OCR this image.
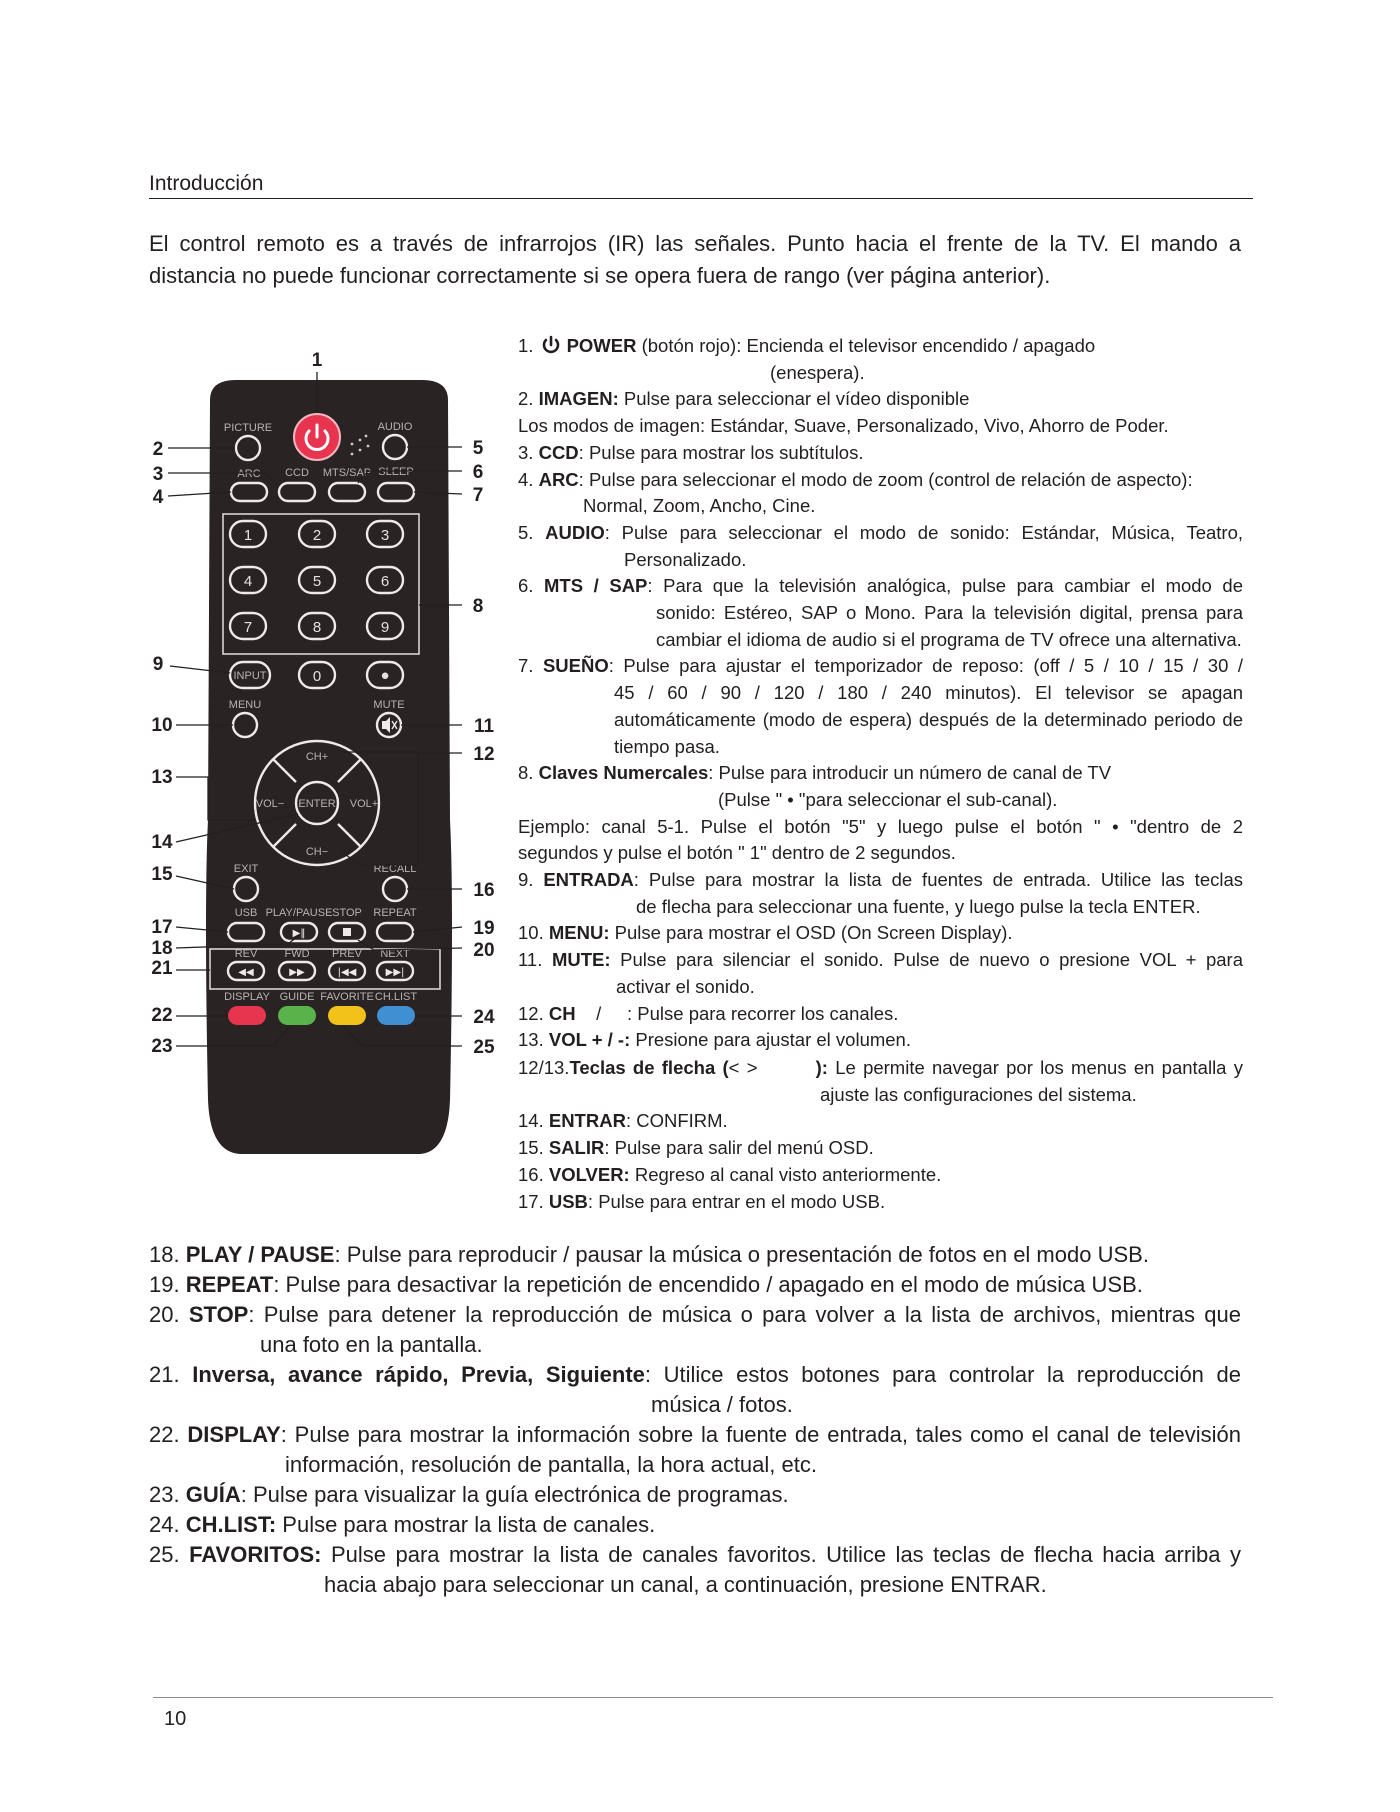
Introducción
El control remoto es a través de infrarrojos (IR) las señales. Punto hacia el frente de la TV. El mando a
distancia no puede funcionar correctamente si se opera fuera de rango (ver página anterior).
1
PICTURE	AUDIO
ARC CCD MTS/SAP SLEEP
1	2	3
4	5	6
7	8	9
0	●
INPUT
MENU	MUTE
ENTER
CH+
CH−
VOL−	VOL+
EXIT	RECALL
USB PLAY/PAUSE STOP REPEAT
▶‖
REV FWD PREV NEXT
◀◀	▶▶	|◀◀	▶▶|
DISPLAY GUIDE FAVORITE CH.LIST
2
3
4
9
10
13
14
15
17
18
21
22
23
5
6
7
8
11
12
16
19
20
24
25
1. POWER (botón rojo): Encienda el televisor encendido / apagado
(enespera).
2. IMAGEN: Pulse para seleccionar el vídeo disponible
Los modos de imagen: Estándar, Suave, Personalizado, Vivo, Ahorro de Poder.
3. CCD: Pulse para mostrar los subtítulos.
4. ARC: Pulse para seleccionar el modo de zoom (control de relación de aspecto):
Normal, Zoom, Ancho, Cine.
5. AUDIO: Pulse para seleccionar el modo de sonido: Estándar, Música, Teatro,
Personalizado.
6. MTS / SAP: Para que la televisión analógica, pulse para cambiar el modo de
sonido: Estéreo, SAP o Mono. Para la televisión digital, prensa para cambiar el idioma de audio si el programa de TV ofrece una alternativa.
7. SUEÑO: Pulse para ajustar el temporizador de reposo: (off / 5 / 10 / 15 / 30 /
45 / 60 / 90 / 120 / 180 / 240 minutos). El televisor se apagan automáticamente (modo de espera) después de la determinado periodo de tiempo pasa.
8. Claves Numercales: Pulse para introducir un número de canal de TV
(Pulse " • "para seleccionar el sub-canal).
Ejemplo: canal 5-1. Pulse el botón "5" y luego pulse el botón " • "dentro de 2
segundos y pulse el botón " 1" dentro de 2 segundos.
9. ENTRADA: Pulse para mostrar la lista de fuentes de entrada. Utilice las teclas
de flecha para seleccionar una fuente, y luego pulse la tecla ENTER.
10. MENU: Pulse para mostrar el OSD (On Screen Display).
11. MUTE: Pulse para silenciar el sonido. Pulse de nuevo o presione VOL + para
activar el sonido.
12. CH    /     : Pulse para recorrer los canales.
13. VOL + / -: Presione para ajustar el volumen.
12/13.Teclas de flecha (< >        ): Le permite navegar por los menus en pantalla y
ajuste las configuraciones del sistema.
14. ENTRAR: CONFIRM.
15. SALIR: Pulse para salir del menú OSD.
16. VOLVER: Regreso al canal visto anteriormente.
17. USB: Pulse para entrar en el modo USB.
18. PLAY / PAUSE: Pulse para reproducir / pausar la música o presentación de fotos en el modo USB.
19. REPEAT: Pulse para desactivar la repetición de encendido / apagado en el modo de música USB.
20. STOP: Pulse para detener la reproducción de música o para volver a la lista de archivos, mientras que
una foto en la pantalla.
21. Inversa, avance rápido, Previa, Siguiente: Utilice estos botones para controlar la reproducción de
música / fotos.
22. DISPLAY: Pulse para mostrar la información sobre la fuente de entrada, tales como el canal de televisión
información, resolución de pantalla, la hora actual, etc.
23. GUÍA: Pulse para visualizar la guía electrónica de programas.
24. CH.LIST: Pulse para mostrar la lista de canales.
25. FAVORITOS: Pulse para mostrar la lista de canales favoritos. Utilice las teclas de flecha hacia arriba y
hacia abajo para seleccionar un canal, a continuación, presione ENTRAR.
10
